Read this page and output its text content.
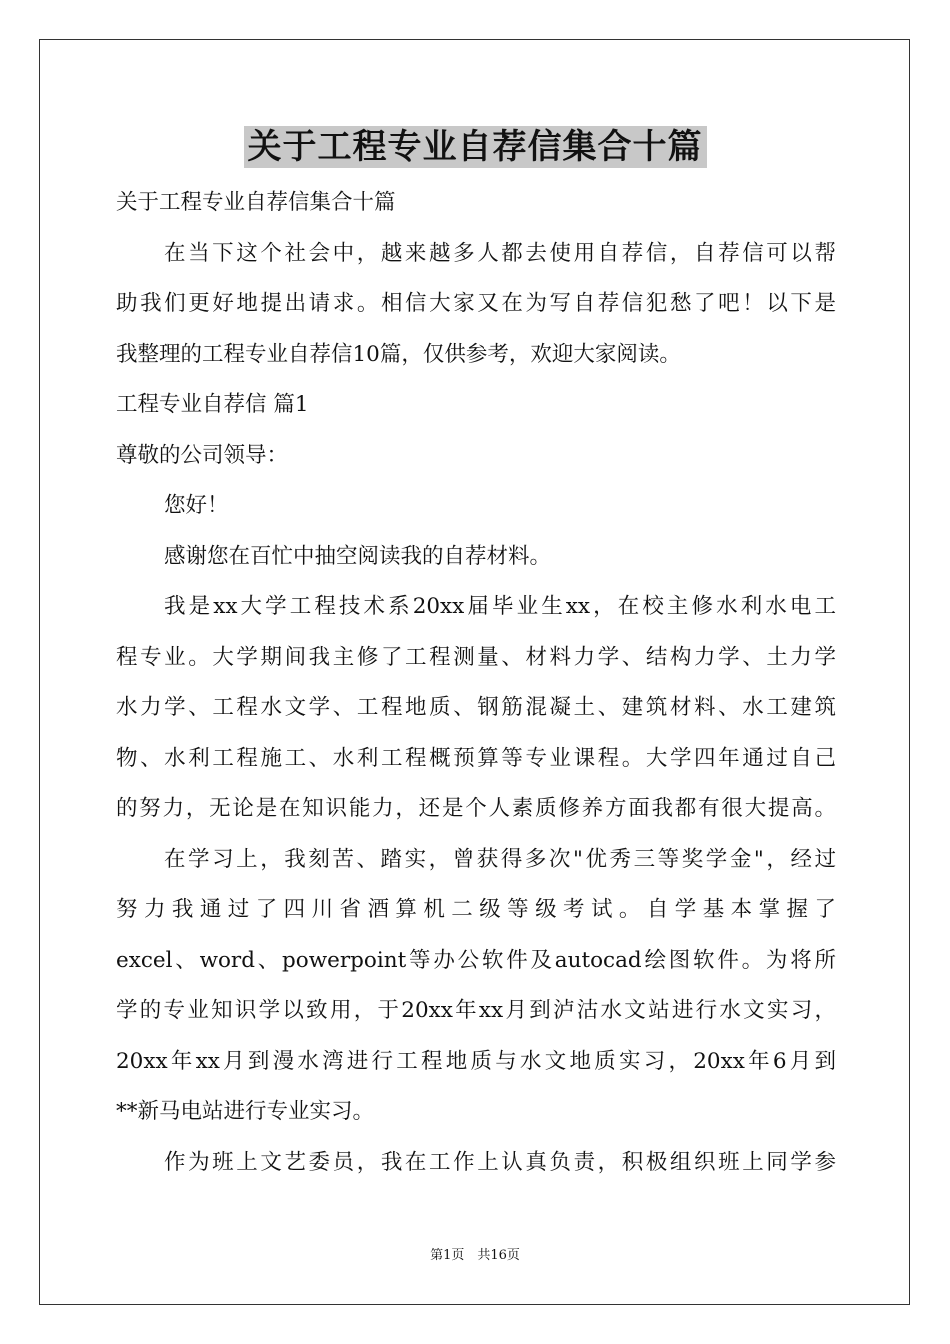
关于工程专业自荐信集合十篇
关于工程专业自荐信集合十篇
在当下这个社会中，越来越多人都去使用自荐信，自荐信可以帮
助我们更好地提出请求。相信大家又在为写自荐信犯愁了吧！以下是
我整理的工程专业自荐信10篇，仅供参考，欢迎大家阅读。
工程专业自荐信 篇1
尊敬的公司领导：
您好！
感谢您在百忙中抽空阅读我的自荐材料。
我是xx大学工程技术系20xx届毕业生xx，在校主修水利水电工
程专业。大学期间我主修了工程测量、材料力学、结构力学、土力学
水力学、工程水文学、工程地质、钢筋混凝土、建筑材料、水工建筑
物、水利工程施工、水利工程概预算等专业课程。大学四年通过自己
的努力，无论是在知识能力，还是个人素质修养方面我都有很大提高。
在学习上，我刻苦、踏实，曾获得多次"优秀三等奖学金"，经过
努力我通过了四川省酒算机二级等级考试。自学基本掌握了
excel、word、powerpoint等办公软件及autocad绘图软件。为将所
学的专业知识学以致用，于20xx年xx月到泸沽水文站进行水文实习，
20xx年xx月到漫水湾进行工程地质与水文地质实习，20xx年6月到
**新马电站进行专业实习。
作为班上文艺委员，我在工作上认真负责，积极组织班上同学参
第1页　共16页
